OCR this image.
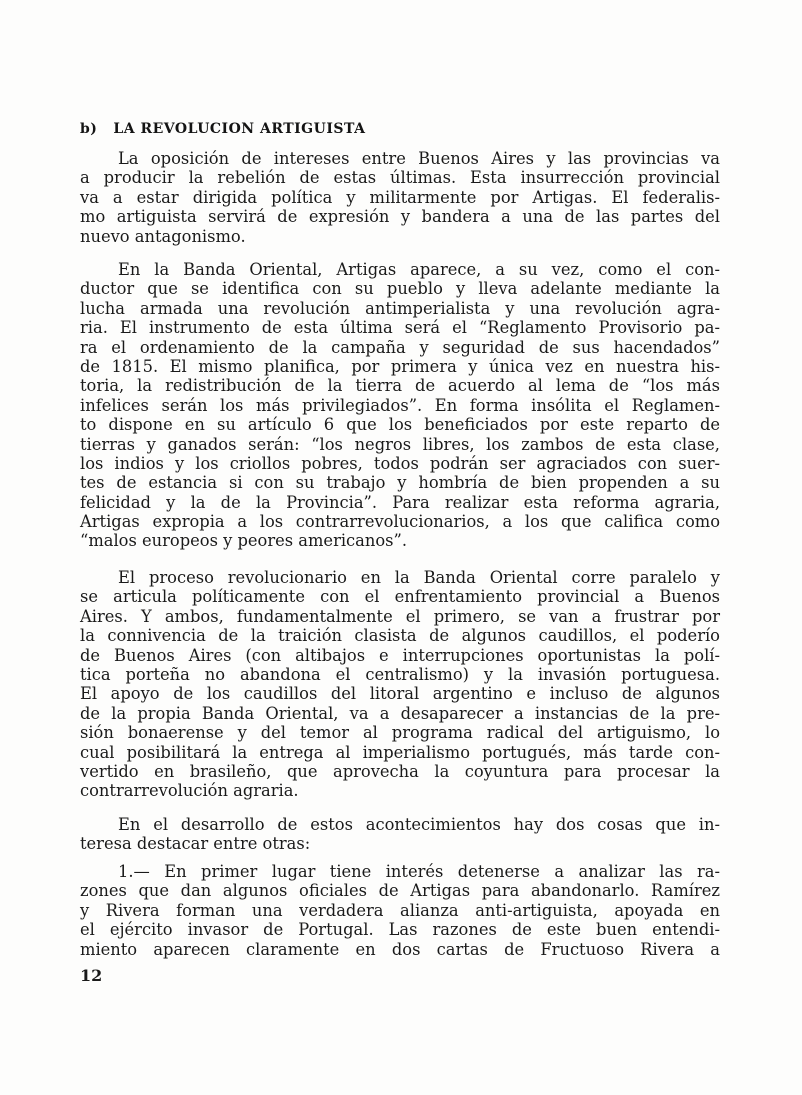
b) LA REVOLUCION ARTIGUISTA
La oposición de intereses entre Buenos Aires y las provincias va
a producir la rebelión de estas últimas. Esta insurrección provincial
va a estar dirigida política y militarmente por Artigas. El federalis-
mo artiguista servirá de expresión y bandera a una de las partes del
nuevo antagonismo.
En la Banda Oriental, Artigas aparece, a su vez, como el con-
ductor que se identifica con su pueblo y lleva adelante mediante la
lucha armada una revolución antimperialista y una revolución agra-
ria. El instrumento de esta última será el “Reglamento Provisorio pa-
ra el ordenamiento de la campaña y seguridad de sus hacendados”
de 1815. El mismo planifica, por primera y única vez en nuestra his-
toria, la redistribución de la tierra de acuerdo al lema de “los más
infelices serán los más privilegiados”. En forma insólita el Reglamen-
to dispone en su artículo 6 que los beneficiados por este reparto de
tierras y ganados serán: “los negros libres, los zambos de esta clase,
los indios y los criollos pobres, todos podrán ser agraciados con suer-
tes de estancia si con su trabajo y hombría de bien propenden a su
felicidad y la de la Provincia”. Para realizar esta reforma agraria,
Artigas expropia a los contrarrevolucionarios, a los que califica como
“malos europeos y peores americanos”.
El proceso revolucionario en la Banda Oriental corre paralelo y
se articula políticamente con el enfrentamiento provincial a Buenos
Aires. Y ambos, fundamentalmente el primero, se van a frustrar por
la connivencia de la traición clasista de algunos caudillos, el poderío
de Buenos Aires (con altibajos e interrupciones oportunistas la polí-
tica porteña no abandona el centralismo) y la invasión portuguesa.
El apoyo de los caudillos del litoral argentino e incluso de algunos
de la propia Banda Oriental, va a desaparecer a instancias de la pre-
sión bonaerense y del temor al programa radical del artiguismo, lo
cual posibilitará la entrega al imperialismo portugués, más tarde con-
vertido en brasileño, que aprovecha la coyuntura para procesar la
contrarrevolución agraria.
En el desarrollo de estos acontecimientos hay dos cosas que in-
teresa destacar entre otras:
1.— En primer lugar tiene interés detenerse a analizar las ra-
zones que dan algunos oficiales de Artigas para abandonarlo. Ramírez
y Rivera forman una verdadera alianza anti-artiguista, apoyada en
el ejército invasor de Portugal. Las razones de este buen entendi-
miento aparecen claramente en dos cartas de Fructuoso Rivera a
12
